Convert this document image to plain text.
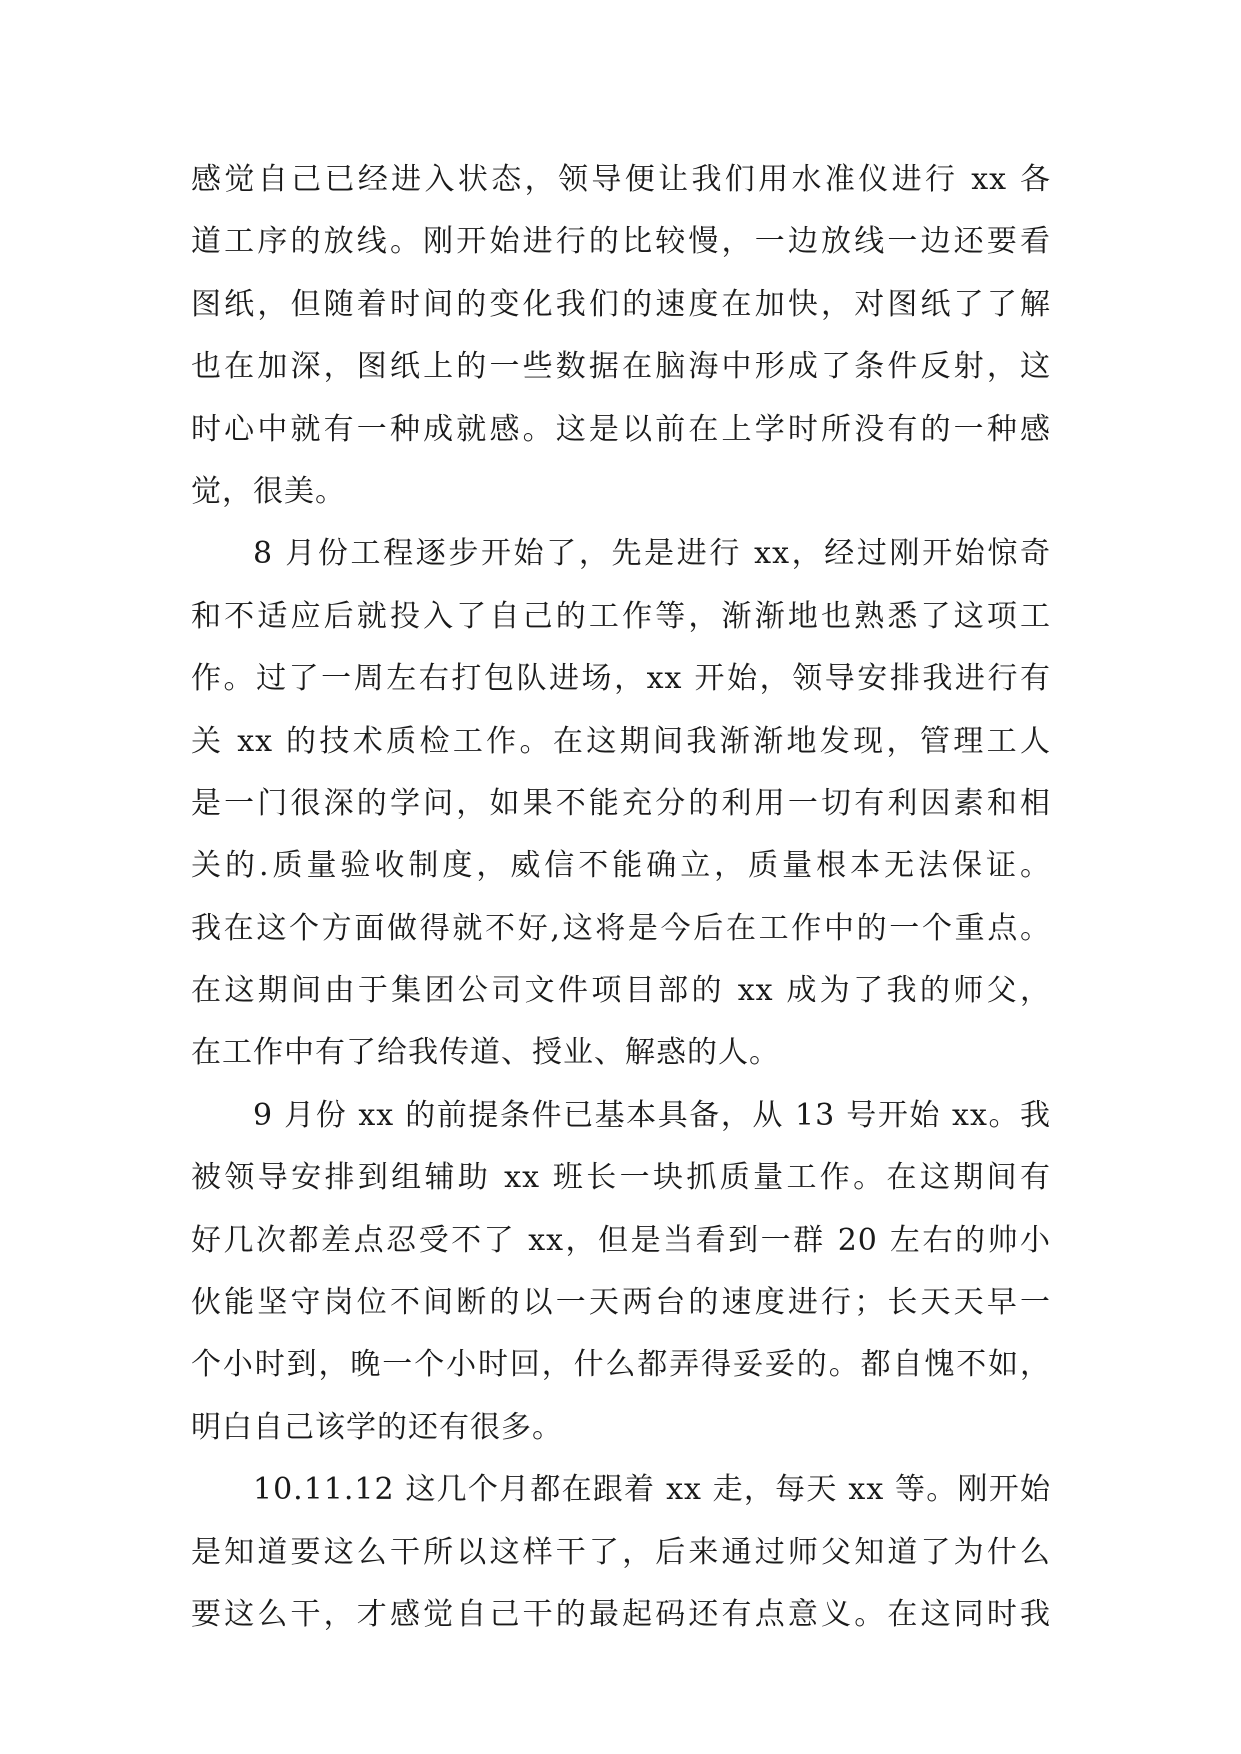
感觉自己已经进入状态，领导便让我们用水准仪进行 xx 各
道工序的放线。刚开始进行的比较慢，一边放线一边还要看
图纸，但随着时间的变化我们的速度在加快，对图纸了了解
也在加深，图纸上的一些数据在脑海中形成了条件反射，这
时心中就有一种成就感。这是以前在上学时所没有的一种感
觉，很美。
8 月份工程逐步开始了，先是进行 xx，经过刚开始惊奇
和不适应后就投入了自己的工作等，渐渐地也熟悉了这项工
作。过了一周左右打包队进场，xx 开始，领导安排我进行有
关 xx 的技术质检工作。在这期间我渐渐地发现，管理工人
是一门很深的学问，如果不能充分的利用一切有利因素和相
关的.质量验收制度，威信不能确立，质量根本无法保证。
我在这个方面做得就不好,这将是今后在工作中的一个重点。
在这期间由于集团公司文件项目部的 xx 成为了我的师父，
在工作中有了给我传道、授业、解惑的人。
9 月份 xx 的前提条件已基本具备，从 13 号开始 xx。我
被领导安排到组辅助 xx 班长一块抓质量工作。在这期间有
好几次都差点忍受不了 xx，但是当看到一群 20 左右的帅小
伙能坚守岗位不间断的以一天两台的速度进行；长天天早一
个小时到，晚一个小时回，什么都弄得妥妥的。都自愧不如，
明白自己该学的还有很多。
10.11.12 这几个月都在跟着 xx 走，每天 xx 等。刚开始
是知道要这么干所以这样干了，后来通过师父知道了为什么
要这么干，才感觉自己干的最起码还有点意义。在这同时我
